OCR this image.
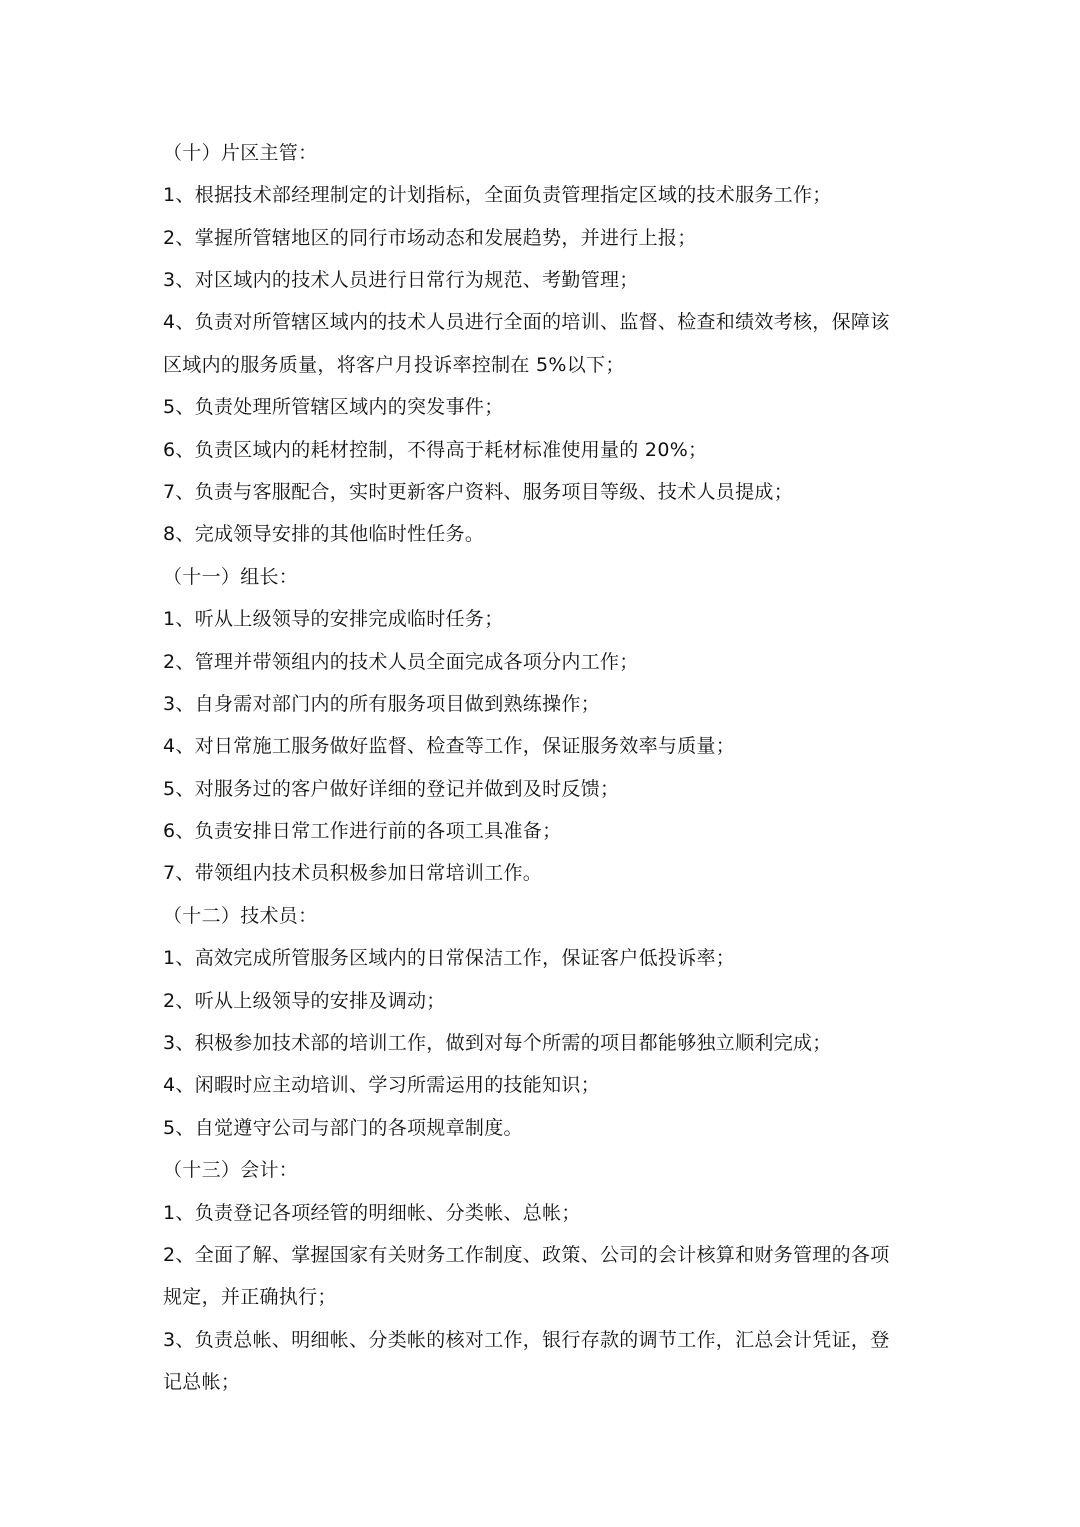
（十）片区主管：
1、根据技术部经理制定的计划指标，全面负责管理指定区域的技术服务工作；
2、掌握所管辖地区的同行市场动态和发展趋势，并进行上报；
3、对区域内的技术人员进行日常行为规范、考勤管理；
4、负责对所管辖区域内的技术人员进行全面的培训、监督、检查和绩效考核，保障该
区域内的服务质量，将客户月投诉率控制在 5%以下；
5、负责处理所管辖区域内的突发事件；
6、负责区域内的耗材控制，不得高于耗材标准使用量的 20%；
7、负责与客服配合，实时更新客户资料、服务项目等级、技术人员提成；
8、完成领导安排的其他临时性任务。
（十一）组长：
1、听从上级领导的安排完成临时任务；
2、管理并带领组内的技术人员全面完成各项分内工作；
3、自身需对部门内的所有服务项目做到熟练操作；
4、对日常施工服务做好监督、检查等工作，保证服务效率与质量；
5、对服务过的客户做好详细的登记并做到及时反馈；
6、负责安排日常工作进行前的各项工具准备；
7、带领组内技术员积极参加日常培训工作。
（十二）技术员：
1、高效完成所管服务区域内的日常保洁工作，保证客户低投诉率；
2、听从上级领导的安排及调动；
3、积极参加技术部的培训工作，做到对每个所需的项目都能够独立顺利完成；
4、闲暇时应主动培训、学习所需运用的技能知识；
5、自觉遵守公司与部门的各项规章制度。
（十三）会计：
1、负责登记各项经管的明细帐、分类帐、总帐；
2、全面了解、掌握国家有关财务工作制度、政策、公司的会计核算和财务管理的各项
规定，并正确执行；
3、负责总帐、明细帐、分类帐的核对工作，银行存款的调节工作，汇总会计凭证，登
记总帐；
